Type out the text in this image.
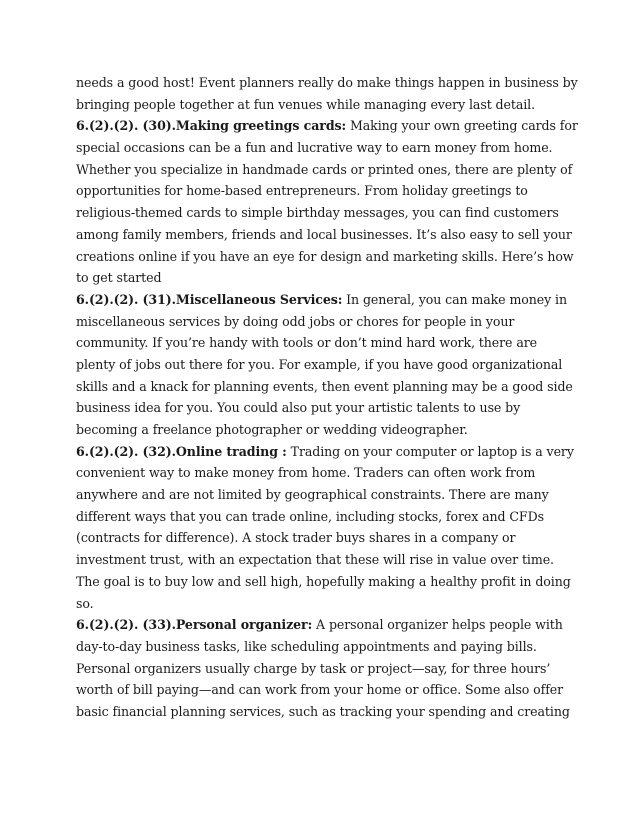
needs a good host! Event planners really do make things happen in business by
bringing people together at fun venues while managing every last detail.
6.(2).(2). (30).Making greetings cards: Making your own greeting cards for
special occasions can be a fun and lucrative way to earn money from home.
Whether you specialize in handmade cards or printed ones, there are plenty of
opportunities for home-based entrepreneurs. From holiday greetings to
religious-themed cards to simple birthday messages, you can find customers
among family members, friends and local businesses. It’s also easy to sell your
creations online if you have an eye for design and marketing skills. Here’s how
to get started
6.(2).(2). (31).Miscellaneous Services: In general, you can make money in
miscellaneous services by doing odd jobs or chores for people in your
community. If you’re handy with tools or don’t mind hard work, there are
plenty of jobs out there for you. For example, if you have good organizational
skills and a knack for planning events, then event planning may be a good side
business idea for you. You could also put your artistic talents to use by
becoming a freelance photographer or wedding videographer.
6.(2).(2). (32).Online trading : Trading on your computer or laptop is a very
convenient way to make money from home. Traders can often work from
anywhere and are not limited by geographical constraints. There are many
different ways that you can trade online, including stocks, forex and CFDs
(contracts for difference). A stock trader buys shares in a company or
investment trust, with an expectation that these will rise in value over time.
The goal is to buy low and sell high, hopefully making a healthy profit in doing
so.
6.(2).(2). (33).Personal organizer: A personal organizer helps people with
day-to-day business tasks, like scheduling appointments and paying bills.
Personal organizers usually charge by task or project—say, for three hours’
worth of bill paying—and can work from your home or office. Some also offer
basic financial planning services, such as tracking your spending and creating
